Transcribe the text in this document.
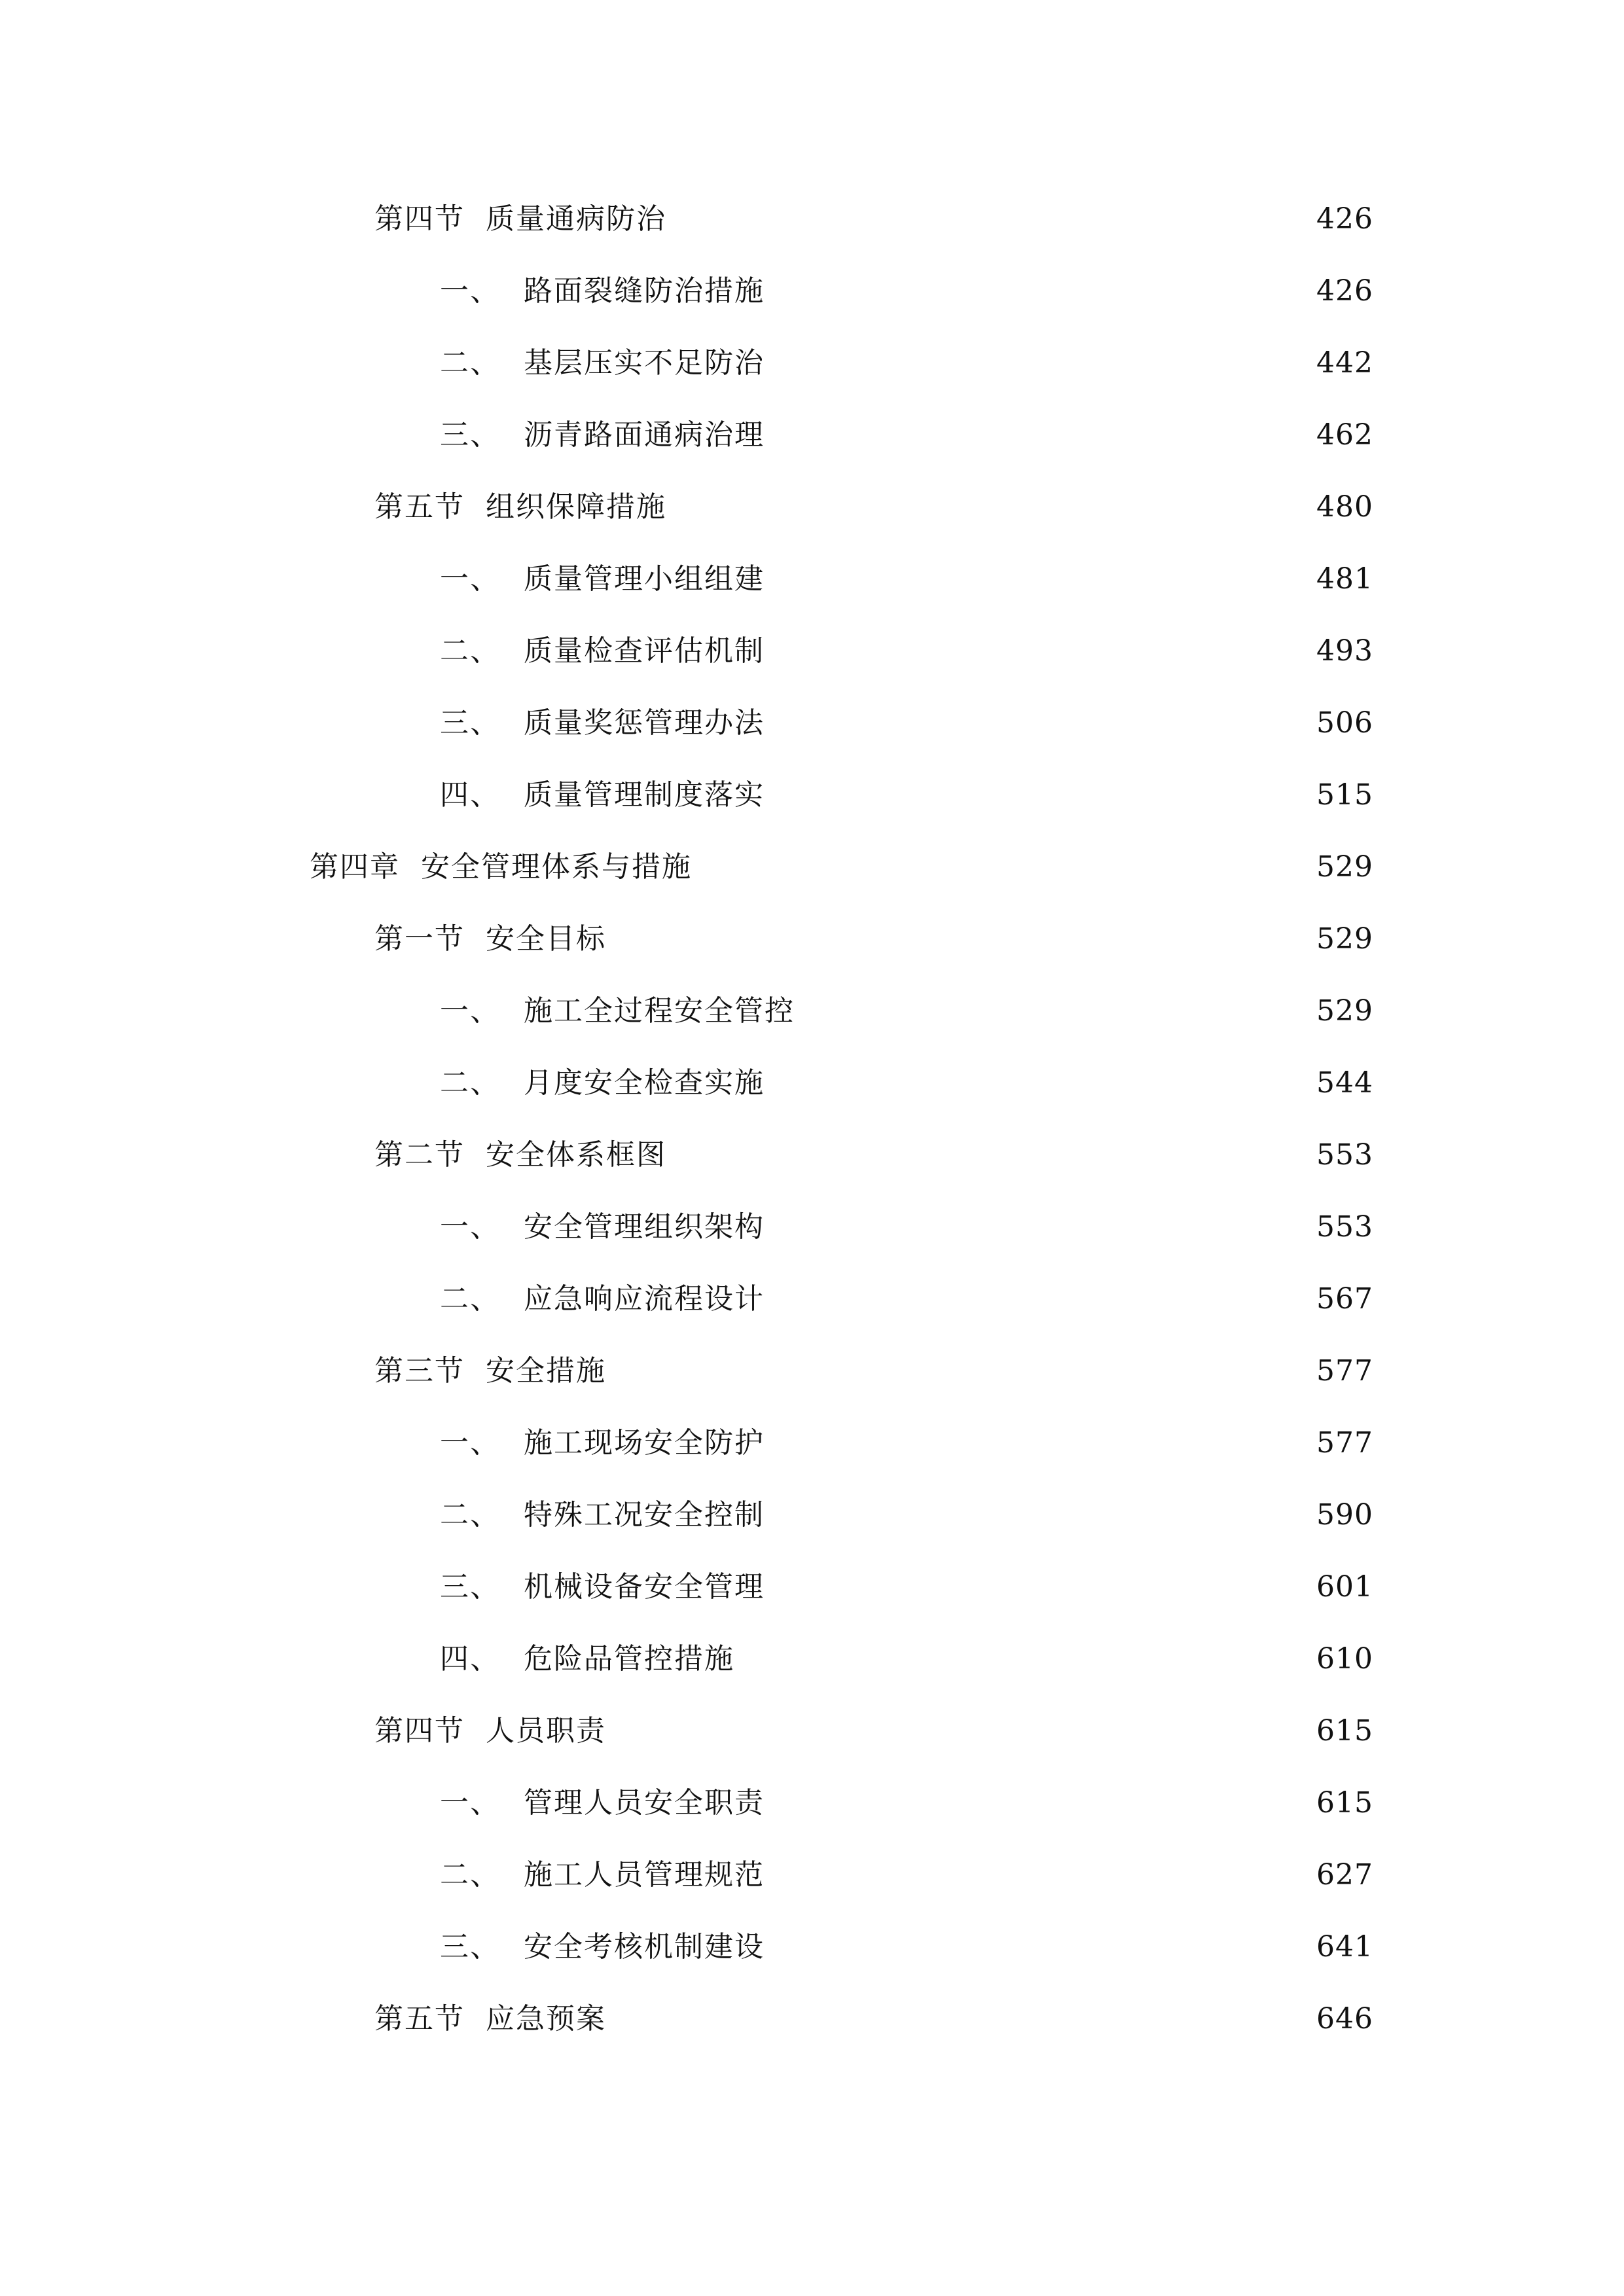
第四节 质量通病防治	426
一、 路面裂缝防治措施	426
二、 基层压实不足防治	442
三、 沥青路面通病治理	462
第五节 组织保障措施	480
一、 质量管理小组组建	481
二、 质量检查评估机制	493
三、 质量奖惩管理办法	506
四、 质量管理制度落实	515
第四章 安全管理体系与措施	529
第一节 安全目标	529
一、 施工全过程安全管控	529
二、 月度安全检查实施	544
第二节 安全体系框图	553
一、 安全管理组织架构	553
二、 应急响应流程设计	567
第三节 安全措施	577
一、 施工现场安全防护	577
二、 特殊工况安全控制	590
三、 机械设备安全管理	601
四、 危险品管控措施	610
第四节 人员职责	615
一、 管理人员安全职责	615
二、 施工人员管理规范	627
三、 安全考核机制建设	641
第五节 应急预案	646
